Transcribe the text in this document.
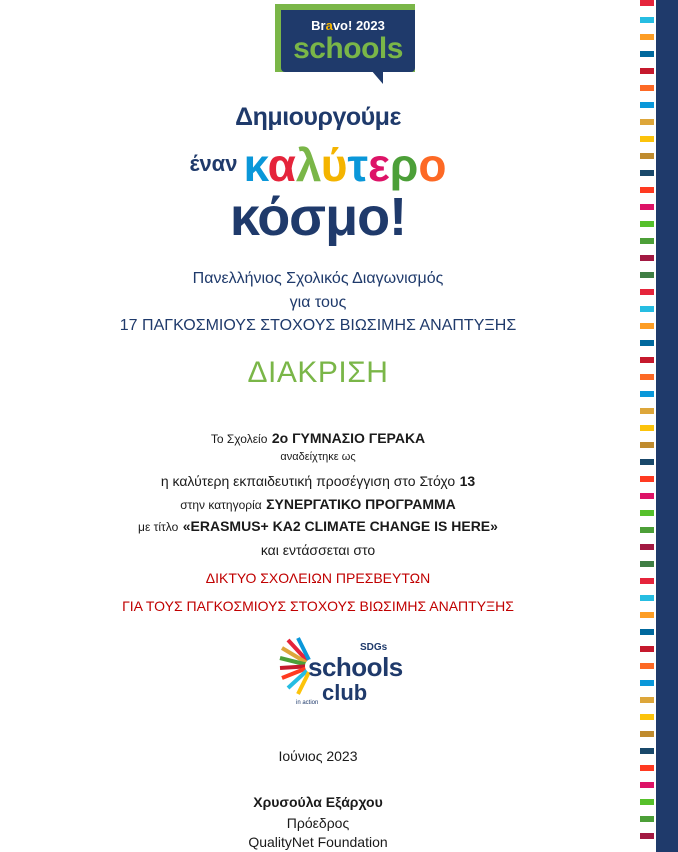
Bravo! 2023
schools
Δημιουργούμε
$^{έ\nu\alpha\nu}$ καλύτερο
κόσμο!
Πανελλήνιος Σχολικός Διαγωνισμός
για τους
17 ΠΑΓΚΟΣΜΙΟΥΣ ΣΤΟΧΟΥΣ ΒΙΩΣΙΜΗΣ ΑΝΑΠΤΥΞΗΣ
ΔΙΑΚΡΙΣΗ
Το Σχολείο 2ο ΓΥΜΝΑΣΙΟ ΓΕΡΑΚΑ
αναδείχτηκε ως
η καλύτερη εκπαιδευτική προσέγγιση στο Στόχο 13
στην κατηγορία ΣΥΝΕΡΓΑΤΙΚΟ ΠΡΟΓΡΑΜΜΑ
με τίτλο «ERASMUS+ KA2 CLIMATE CHANGE IS HERE»
και εντάσσεται στο
ΔΙΚΤΥΟ ΣΧΟΛΕΙΩΝ ΠΡΕΣΒΕΥΤΩΝ
ΓΙΑ ΤΟΥΣ ΠΑΓΚΟΣΜΙΟΥΣ ΣΤΟΧΟΥΣ ΒΙΩΣΙΜΗΣ ΑΝΑΠΤΥΞΗΣ
SDGs
schools
club
in action
Ιούνιος 2023
Χρυσούλα Εξάρχου
Πρόεδρος
QualityNet Foundation
